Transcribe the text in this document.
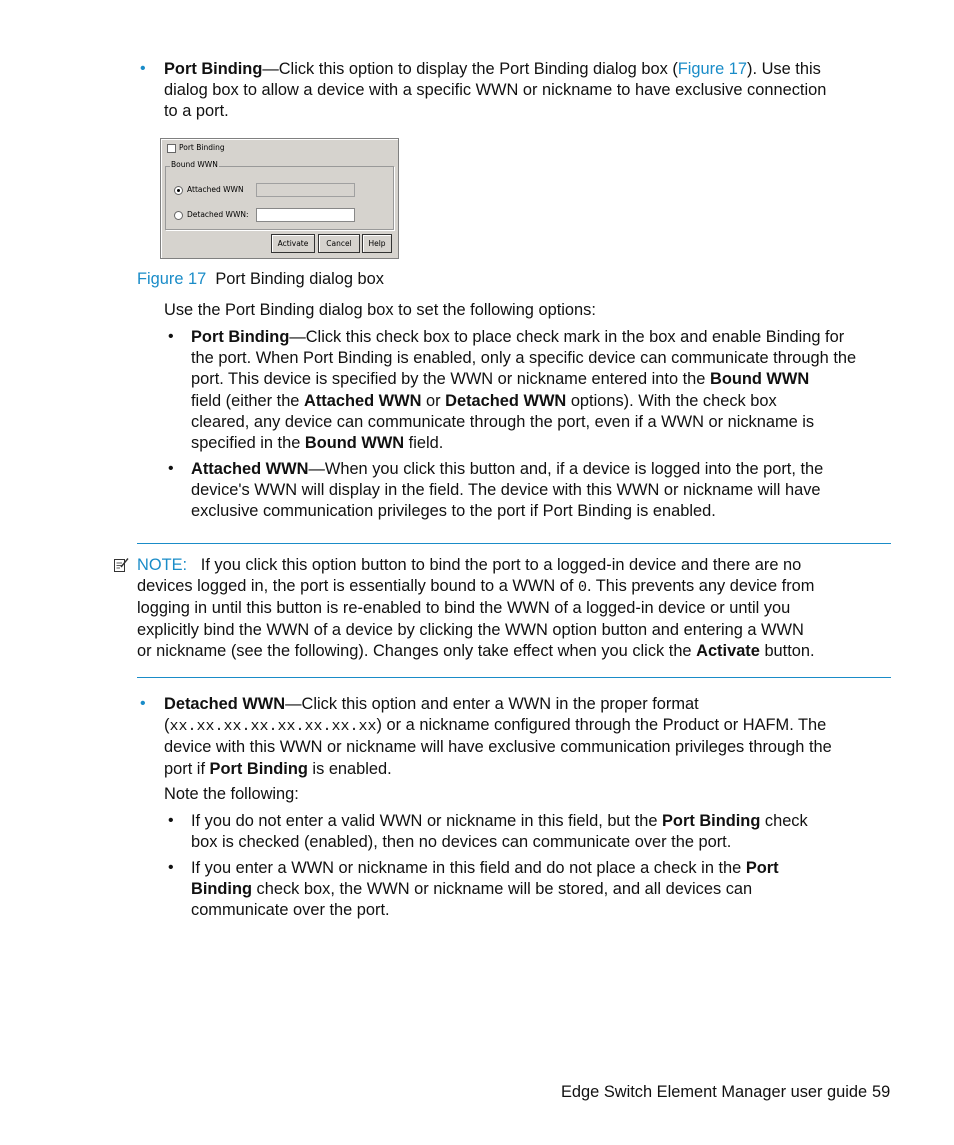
• Port Binding—Click this option to display the Port Binding dialog box (Figure 17). Use this
dialog box to allow a device with a specific WWN or nickname to have exclusive connection
to a port.
Port Binding
Bound WWN
Attached WWN
Detached WWN:
Activate	Cancel	Help
Figure 17 Port Binding dialog box
Use the Port Binding dialog box to set the following options:
• Port Binding—Click this check box to place check mark in the box and enable Binding for
the port. When Port Binding is enabled, only a specific device can communicate through the
port. This device is specified by the WWN or nickname entered into the Bound WWN
field (either the Attached WWN or Detached WWN options). With the check box
cleared, any device can communicate through the port, even if a WWN or nickname is
specified in the Bound WWN field.
• Attached WWN—When you click this button and, if a device is logged into the port, the
device's WWN will display in the field. The device with this WWN or nickname will have
exclusive communication privileges to the port if Port Binding is enabled.
NOTE: If you click this option button to bind the port to a logged-in device and there are no
devices logged in, the port is essentially bound to a WWN of 0. This prevents any device from
logging in until this button is re-enabled to bind the WWN of a logged-in device or until you
explicitly bind the WWN of a device by clicking the WWN option button and entering a WWN
or nickname (see the following). Changes only take effect when you click the Activate button.
• Detached WWN—Click this option and enter a WWN in the proper format
(xx.xx.xx.xx.xx.xx.xx.xx) or a nickname configured through the Product or HAFM. The
device with this WWN or nickname will have exclusive communication privileges through the
port if Port Binding is enabled.
Note the following:
• If you do not enter a valid WWN or nickname in this field, but the Port Binding check
box is checked (enabled), then no devices can communicate over the port.
• If you enter a WWN or nickname in this field and do not place a check in the Port
Binding check box, the WWN or nickname will be stored, and all devices can
communicate over the port.
Edge Switch Element Manager user guide 59
